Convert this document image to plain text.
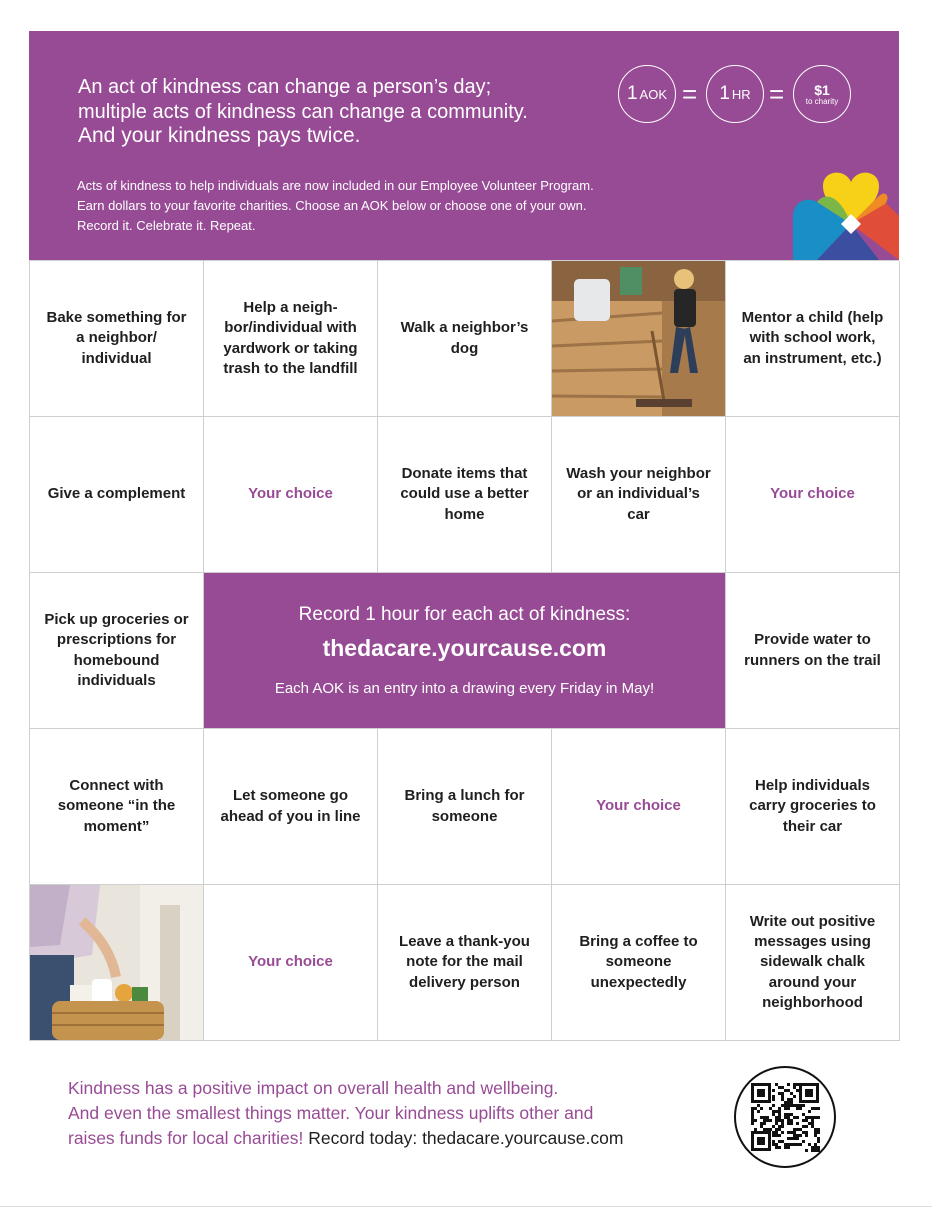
An act of kindness can change a person’s day;
multiple acts of kindness can change a community.
And your kindness pays twice.
1 AOK = 1 HR = $1
to charity
Acts of kindness to help individuals are now included in our Employee Volunteer Program.
Earn dollars to your favorite charities. Choose an AOK below or choose one of your own.
Record it. Celebrate it. Repeat.
Bake something for a neighbor/ individual
Help a neigh-bor/individual with yardwork or taking trash to the landfill
Walk a neighbor’s dog
Mentor a child (help with school work, an instrument, etc.)
Give a complement	Your choice
Donate items that could use a better home
Wash your neighbor or an individual’s car
Your choice
Pick up groceries or prescriptions for homebound individuals
Record 1 hour for each act of kindness:
thedacare.yourcause.com
Each AOK is an entry into a drawing every Friday in May!
Provide water to runners on the trail
Connect with someone “in the moment”
Let someone go ahead of you in line
Bring a lunch for someone
Your choice
Help individuals carry groceries to their car
Your choice
Leave a thank-you note for the mail delivery person
Bring a coffee to someone unexpectedly
Write out positive messages using sidewalk chalk around your neighborhood
Kindness has a positive impact on overall health and wellbeing.
And even the smallest things matter. Your kindness uplifts other and
raises funds for local charities! Record today: thedacare.yourcause.com
